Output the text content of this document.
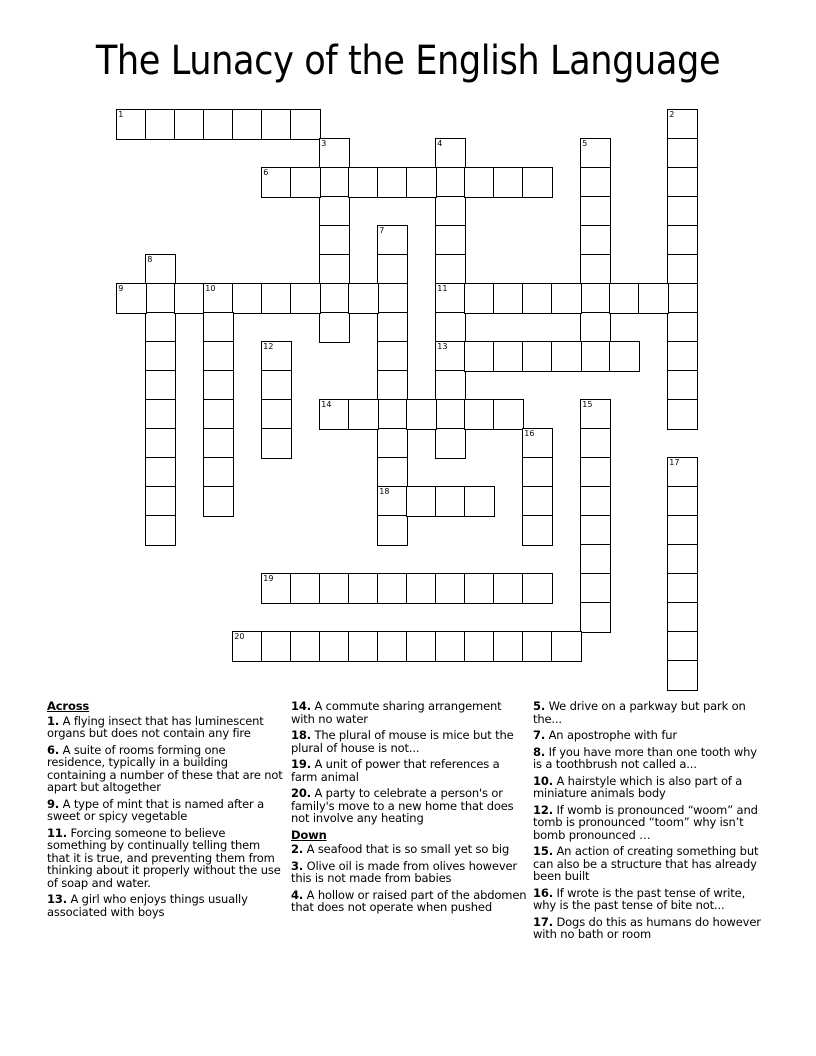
The Lunacy of the English Language
1	2
3	4
11
13
5
6
7
18
8
9	10
12
14	15
16
17
19
20
Across
1. A flying insect that has luminescent organs but does not contain any fire
6. A suite of rooms forming one residence, typically in a building containing a number of these that are not apart but altogether
9. A type of mint that is named after a sweet or spicy vegetable
11. Forcing someone to believe something by continually telling them that it is true, and preventing them from thinking about it properly without the use of soap and water.
13. A girl who enjoys things usually associated with boys
14. A commute sharing arrangement with no water
18. The plural of mouse is mice but the plural of house is not...
19. A unit of power that references a farm animal
20. A party to celebrate a person's or family's move to a new home that does not involve any heating
Down
2. A seafood that is so small yet so big
3. Olive oil is made from olives however this is not made from babies
4. A hollow or raised part of the abdomen that does not operate when pushed
5. We drive on a parkway but park on the...
7. An apostrophe with fur
8. If you have more than one tooth why is a toothbrush not called a...
10. A hairstyle which is also part of a miniature animals body
12. If womb is pronounced “woom” and tomb is pronounced “toom” why isn’t bomb pronounced …
15. An action of creating something but can also be a structure that has already been built
16. If wrote is the past tense of write, why is the past tense of bite not...
17. Dogs do this as humans do however with no bath or room
